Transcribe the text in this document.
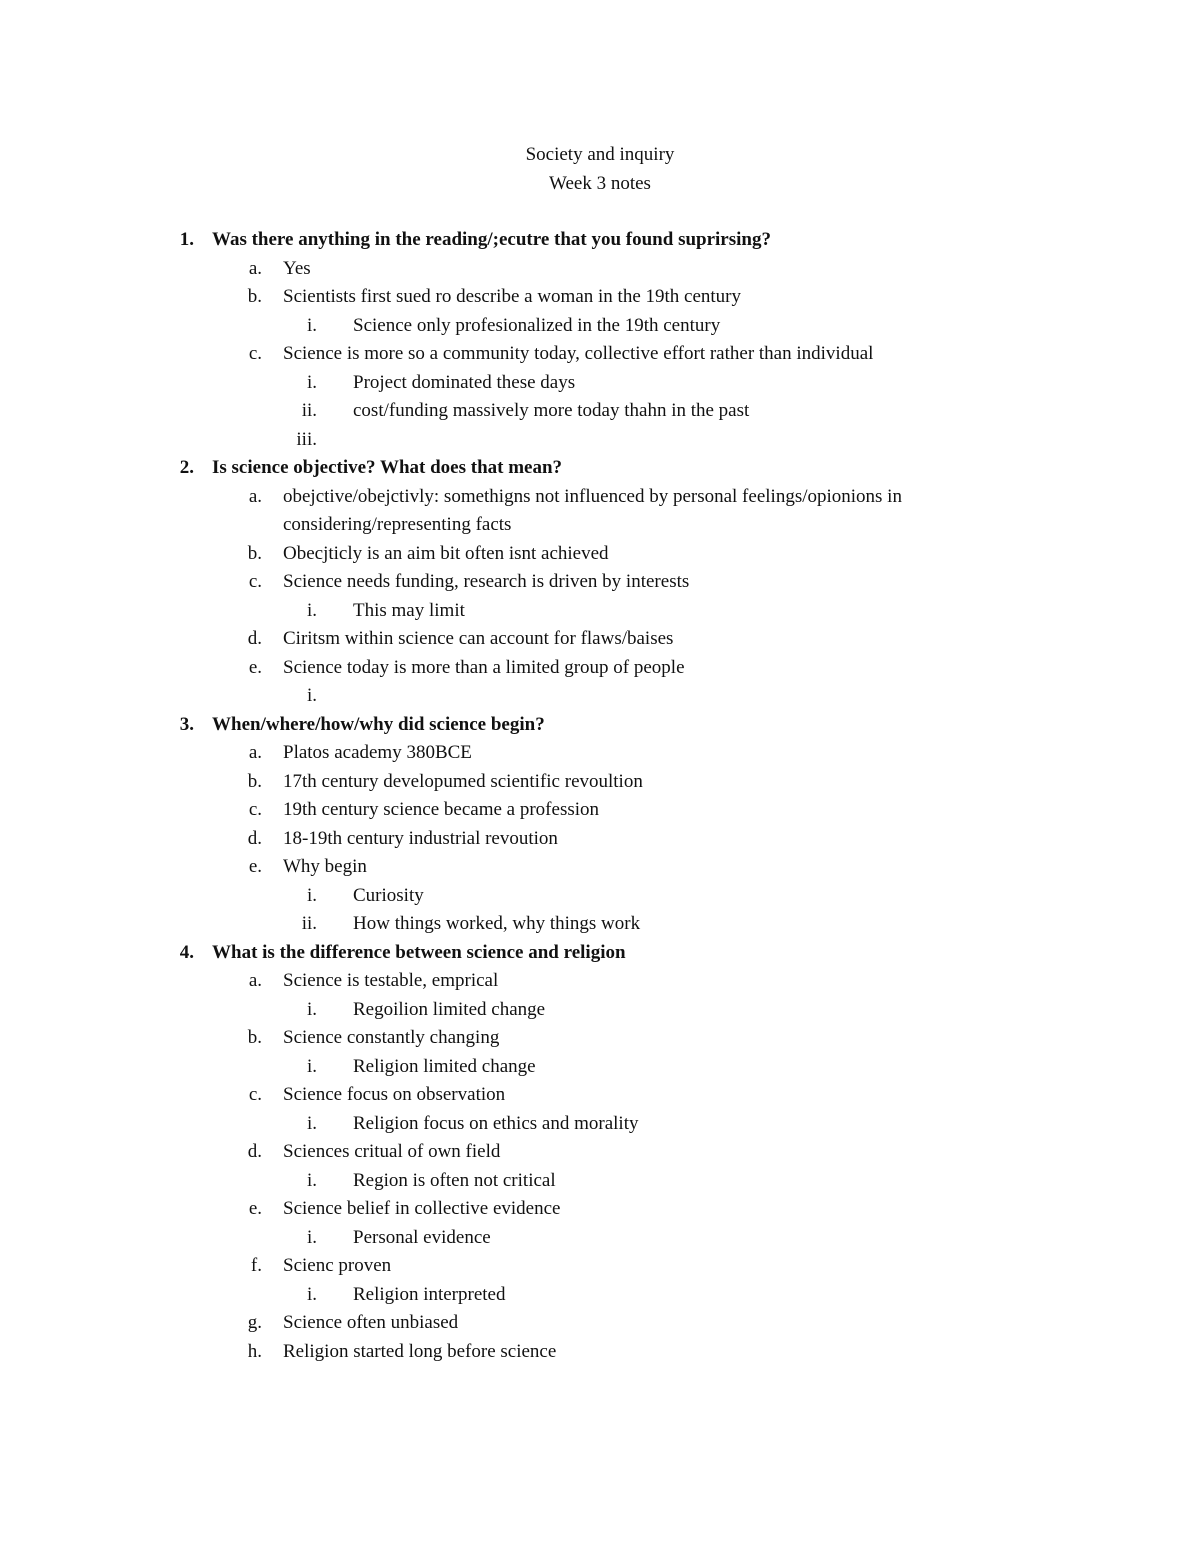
Society and inquiry
Week 3 notes
1. Was there anything in the reading/;ecutre that you found suprirsing?
a. Yes
b. Scientists first sued ro describe a woman in the 19th century
i. Science only profesionalized in the 19th century
c. Science is more so a community today, collective effort rather than individual
i. Project dominated these days
ii. cost/funding massively more today thahn in the past
iii.
2. Is science objective? What does that mean?
a. obejctive/obejctivly: somethigns not influenced by personal feelings/opionions in considering/representing facts
b. Obecjticly is an aim bit often isnt achieved
c. Science needs funding, research is driven by interests
i. This may limit
d. Ciritsm within science can account for flaws/baises
e. Science today is more than a limited group of people
i.
3. When/where/how/why did science begin?
a. Platos academy 380BCE
b. 17th century developumed scientific revoultion
c. 19th century science became a profession
d. 18-19th century industrial revoution
e. Why begin
i. Curiosity
ii. How things worked, why things work
4. What is the difference between science and religion
a. Science is testable, emprical
i. Regoilion limited change
b. Science constantly changing
i. Religion limited change
c. Science focus on observation
i. Religion focus on ethics and morality
d. Sciences critual of own field
i. Region is often not critical
e. Science belief in collective evidence
i. Personal evidence
f. Scienc proven
i. Religion interpreted
g. Science often unbiased
h. Religion started long before science
